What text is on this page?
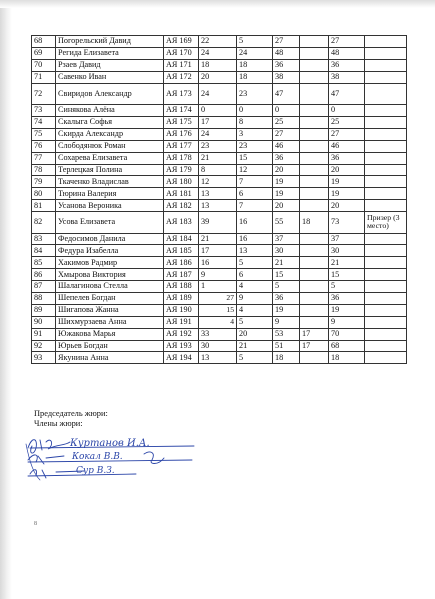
68	Погорельский Давид	АЯ 169	22	5	27		27	
69	Регида Елизавета	АЯ 170	24	24	48		48	
70	Рзаев Давид	АЯ 171	18	18	36		36	
71	Савенко Иван	АЯ 172	20	18	38		38	
72	Свиридов Александр	АЯ 173	24	23	47		47	
73	Синякова Алёна	АЯ 174	0	0	0		0	
74	Скалыга Софья	АЯ 175	17	8	25		25	
75	Скирда Александр	АЯ 176	24	3	27		27	
76	Слободянюк Роман	АЯ 177	23	23	46		46	
77	Сохарева Елизавета	АЯ 178	21	15	36		36	
78	Терлецкая Полина	АЯ 179	8	12	20		20	
79	Ткаченко Владислав	АЯ 180	12	7	19		19	
80	Тюрина Валерия	АЯ 181	13	6	19		19	
81	Усанова Вероника	АЯ 182	13	7	20		20	
82	Усова Елизавета	АЯ 183	39	16	55	18	73	Призер (3 место)
83	Федосимов Данила	АЯ 184	21	16	37		37	
84	Федура Изабелла	АЯ 185	17	13	30		30	
85	Хакимов Радмир	АЯ 186	16	5	21		21	
86	Хмырова Виктория	АЯ 187	9	6	15		15	
87	Шалагинова Стелла	АЯ 188	1	4	5		5	
88	Шепелев Богдан	АЯ 189	27	9	36		36	
89	Шигапова Жанна	АЯ 190	15	4	19		19	
90	Шихмурзаева Анна	АЯ 191	4	5	9		9	
91	Южакова Марья	АЯ 192	33	20	53	17	70	
92	Юрьев Богдан	АЯ 193	30	21	51	17	68	
93	Якунина Анна	АЯ 194	13	5	18		18	
Председатель жюри:
Члены жюри:
Куртанов И.А.
Кокал В.В.
Сур В.З.
8
